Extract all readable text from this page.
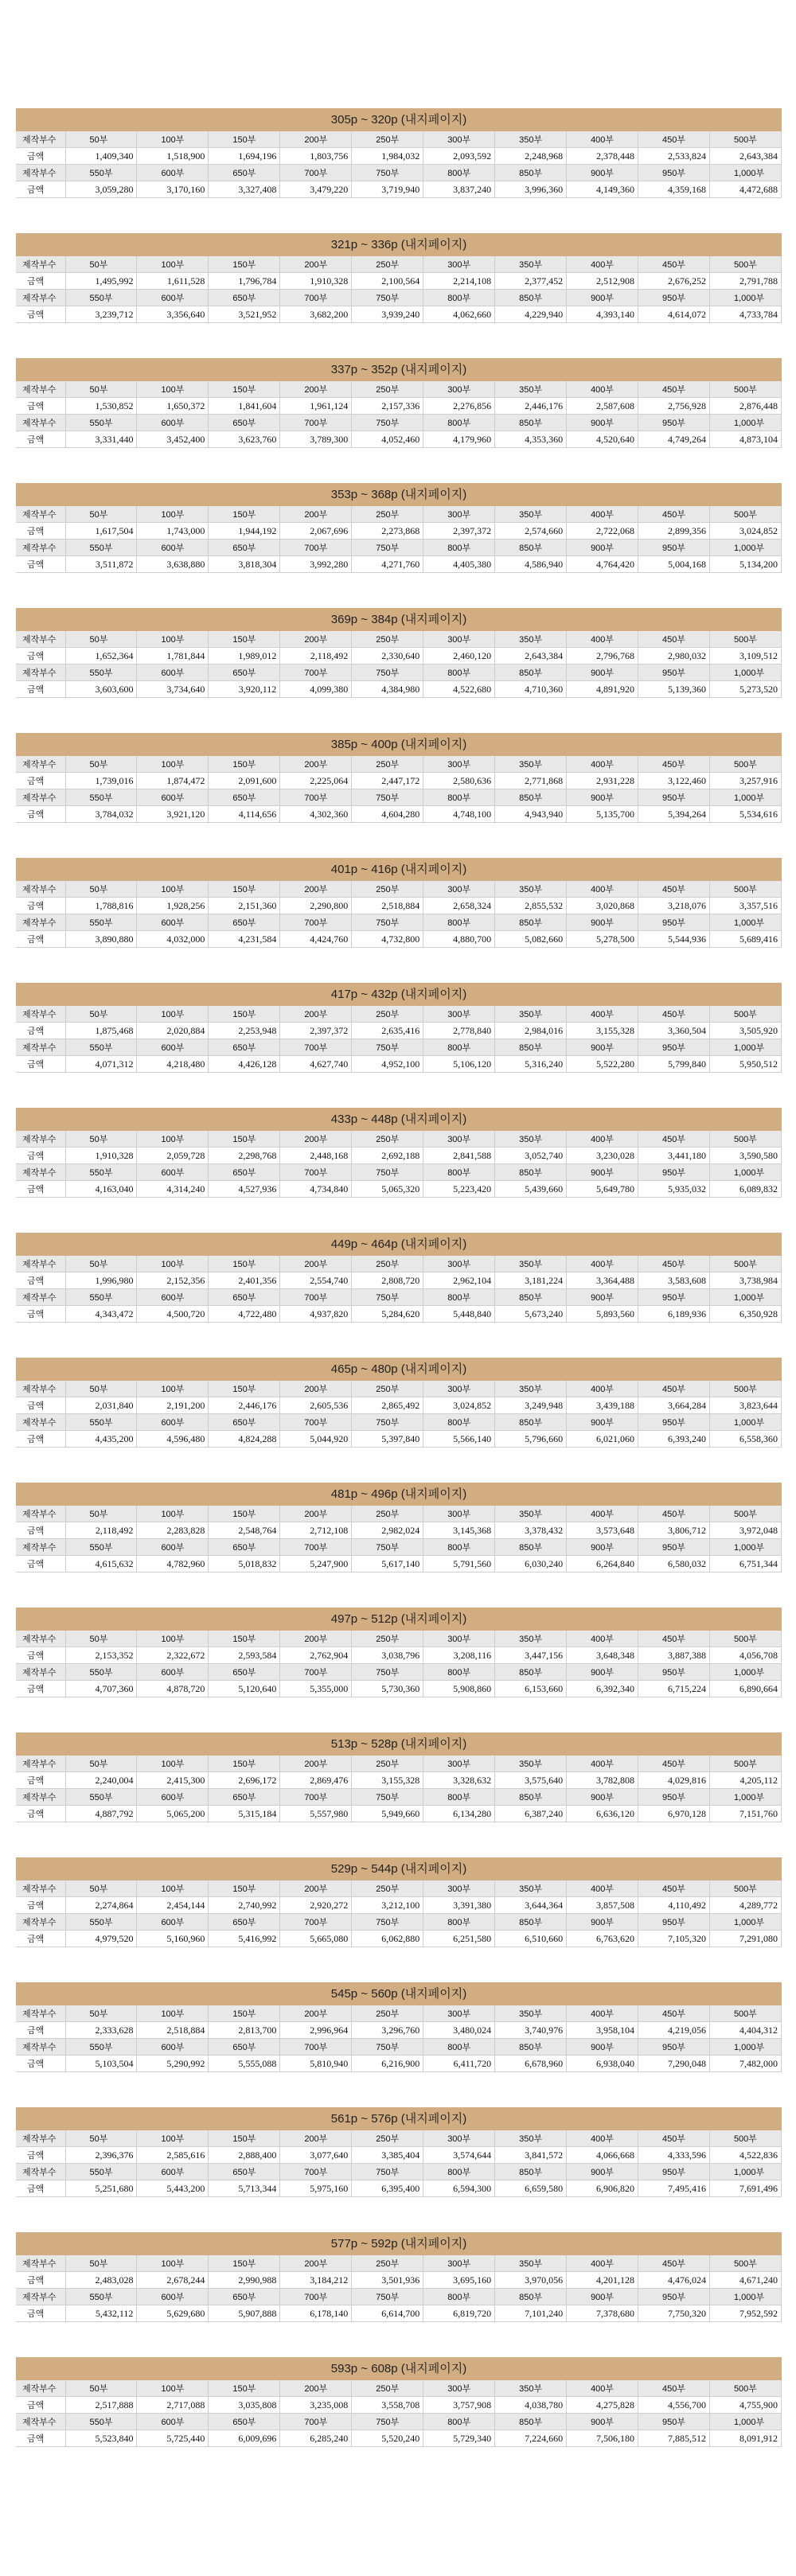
305p ~ 320p (내지페이지)
제작부수	50부	100부	150부	200부	250부	300부	350부	400부	450부	500부
금액	1,409,340	1,518,900	1,694,196	1,803,756	1,984,032	2,093,592	2,248,968	2,378,448	2,533,824	2,643,384
제작부수	550부	600부	650부	700부	750부	800부	850부	900부	950부	1,000부
금액	3,059,280	3,170,160	3,327,408	3,479,220	3,719,940	3,837,240	3,996,360	4,149,360	4,359,168	4,472,688
321p ~ 336p (내지페이지)
제작부수	50부	100부	150부	200부	250부	300부	350부	400부	450부	500부
금액	1,495,992	1,611,528	1,796,784	1,910,328	2,100,564	2,214,108	2,377,452	2,512,908	2,676,252	2,791,788
제작부수	550부	600부	650부	700부	750부	800부	850부	900부	950부	1,000부
금액	3,239,712	3,356,640	3,521,952	3,682,200	3,939,240	4,062,660	4,229,940	4,393,140	4,614,072	4,733,784
337p ~ 352p (내지페이지)
제작부수	50부	100부	150부	200부	250부	300부	350부	400부	450부	500부
금액	1,530,852	1,650,372	1,841,604	1,961,124	2,157,336	2,276,856	2,446,176	2,587,608	2,756,928	2,876,448
제작부수	550부	600부	650부	700부	750부	800부	850부	900부	950부	1,000부
금액	3,331,440	3,452,400	3,623,760	3,789,300	4,052,460	4,179,960	4,353,360	4,520,640	4,749,264	4,873,104
353p ~ 368p (내지페이지)
제작부수	50부	100부	150부	200부	250부	300부	350부	400부	450부	500부
금액	1,617,504	1,743,000	1,944,192	2,067,696	2,273,868	2,397,372	2,574,660	2,722,068	2,899,356	3,024,852
제작부수	550부	600부	650부	700부	750부	800부	850부	900부	950부	1,000부
금액	3,511,872	3,638,880	3,818,304	3,992,280	4,271,760	4,405,380	4,586,940	4,764,420	5,004,168	5,134,200
369p ~ 384p (내지페이지)
제작부수	50부	100부	150부	200부	250부	300부	350부	400부	450부	500부
금액	1,652,364	1,781,844	1,989,012	2,118,492	2,330,640	2,460,120	2,643,384	2,796,768	2,980,032	3,109,512
제작부수	550부	600부	650부	700부	750부	800부	850부	900부	950부	1,000부
금액	3,603,600	3,734,640	3,920,112	4,099,380	4,384,980	4,522,680	4,710,360	4,891,920	5,139,360	5,273,520
385p ~ 400p (내지페이지)
제작부수	50부	100부	150부	200부	250부	300부	350부	400부	450부	500부
금액	1,739,016	1,874,472	2,091,600	2,225,064	2,447,172	2,580,636	2,771,868	2,931,228	3,122,460	3,257,916
제작부수	550부	600부	650부	700부	750부	800부	850부	900부	950부	1,000부
금액	3,784,032	3,921,120	4,114,656	4,302,360	4,604,280	4,748,100	4,943,940	5,135,700	5,394,264	5,534,616
401p ~ 416p (내지페이지)
제작부수	50부	100부	150부	200부	250부	300부	350부	400부	450부	500부
금액	1,788,816	1,928,256	2,151,360	2,290,800	2,518,884	2,658,324	2,855,532	3,020,868	3,218,076	3,357,516
제작부수	550부	600부	650부	700부	750부	800부	850부	900부	950부	1,000부
금액	3,890,880	4,032,000	4,231,584	4,424,760	4,732,800	4,880,700	5,082,660	5,278,500	5,544,936	5,689,416
417p ~ 432p (내지페이지)
제작부수	50부	100부	150부	200부	250부	300부	350부	400부	450부	500부
금액	1,875,468	2,020,884	2,253,948	2,397,372	2,635,416	2,778,840	2,984,016	3,155,328	3,360,504	3,505,920
제작부수	550부	600부	650부	700부	750부	800부	850부	900부	950부	1,000부
금액	4,071,312	4,218,480	4,426,128	4,627,740	4,952,100	5,106,120	5,316,240	5,522,280	5,799,840	5,950,512
433p ~ 448p (내지페이지)
제작부수	50부	100부	150부	200부	250부	300부	350부	400부	450부	500부
금액	1,910,328	2,059,728	2,298,768	2,448,168	2,692,188	2,841,588	3,052,740	3,230,028	3,441,180	3,590,580
제작부수	550부	600부	650부	700부	750부	800부	850부	900부	950부	1,000부
금액	4,163,040	4,314,240	4,527,936	4,734,840	5,065,320	5,223,420	5,439,660	5,649,780	5,935,032	6,089,832
449p ~ 464p (내지페이지)
제작부수	50부	100부	150부	200부	250부	300부	350부	400부	450부	500부
금액	1,996,980	2,152,356	2,401,356	2,554,740	2,808,720	2,962,104	3,181,224	3,364,488	3,583,608	3,738,984
제작부수	550부	600부	650부	700부	750부	800부	850부	900부	950부	1,000부
금액	4,343,472	4,500,720	4,722,480	4,937,820	5,284,620	5,448,840	5,673,240	5,893,560	6,189,936	6,350,928
465p ~ 480p (내지페이지)
제작부수	50부	100부	150부	200부	250부	300부	350부	400부	450부	500부
금액	2,031,840	2,191,200	2,446,176	2,605,536	2,865,492	3,024,852	3,249,948	3,439,188	3,664,284	3,823,644
제작부수	550부	600부	650부	700부	750부	800부	850부	900부	950부	1,000부
금액	4,435,200	4,596,480	4,824,288	5,044,920	5,397,840	5,566,140	5,796,660	6,021,060	6,393,240	6,558,360
481p ~ 496p (내지페이지)
제작부수	50부	100부	150부	200부	250부	300부	350부	400부	450부	500부
금액	2,118,492	2,283,828	2,548,764	2,712,108	2,982,024	3,145,368	3,378,432	3,573,648	3,806,712	3,972,048
제작부수	550부	600부	650부	700부	750부	800부	850부	900부	950부	1,000부
금액	4,615,632	4,782,960	5,018,832	5,247,900	5,617,140	5,791,560	6,030,240	6,264,840	6,580,032	6,751,344
497p ~ 512p (내지페이지)
제작부수	50부	100부	150부	200부	250부	300부	350부	400부	450부	500부
금액	2,153,352	2,322,672	2,593,584	2,762,904	3,038,796	3,208,116	3,447,156	3,648,348	3,887,388	4,056,708
제작부수	550부	600부	650부	700부	750부	800부	850부	900부	950부	1,000부
금액	4,707,360	4,878,720	5,120,640	5,355,000	5,730,360	5,908,860	6,153,660	6,392,340	6,715,224	6,890,664
513p ~ 528p (내지페이지)
제작부수	50부	100부	150부	200부	250부	300부	350부	400부	450부	500부
금액	2,240,004	2,415,300	2,696,172	2,869,476	3,155,328	3,328,632	3,575,640	3,782,808	4,029,816	4,205,112
제작부수	550부	600부	650부	700부	750부	800부	850부	900부	950부	1,000부
금액	4,887,792	5,065,200	5,315,184	5,557,980	5,949,660	6,134,280	6,387,240	6,636,120	6,970,128	7,151,760
529p ~ 544p (내지페이지)
제작부수	50부	100부	150부	200부	250부	300부	350부	400부	450부	500부
금액	2,274,864	2,454,144	2,740,992	2,920,272	3,212,100	3,391,380	3,644,364	3,857,508	4,110,492	4,289,772
제작부수	550부	600부	650부	700부	750부	800부	850부	900부	950부	1,000부
금액	4,979,520	5,160,960	5,416,992	5,665,080	6,062,880	6,251,580	6,510,660	6,763,620	7,105,320	7,291,080
545p ~ 560p (내지페이지)
제작부수	50부	100부	150부	200부	250부	300부	350부	400부	450부	500부
금액	2,333,628	2,518,884	2,813,700	2,996,964	3,296,760	3,480,024	3,740,976	3,958,104	4,219,056	4,404,312
제작부수	550부	600부	650부	700부	750부	800부	850부	900부	950부	1,000부
금액	5,103,504	5,290,992	5,555,088	5,810,940	6,216,900	6,411,720	6,678,960	6,938,040	7,290,048	7,482,000
561p ~ 576p (내지페이지)
제작부수	50부	100부	150부	200부	250부	300부	350부	400부	450부	500부
금액	2,396,376	2,585,616	2,888,400	3,077,640	3,385,404	3,574,644	3,841,572	4,066,668	4,333,596	4,522,836
제작부수	550부	600부	650부	700부	750부	800부	850부	900부	950부	1,000부
금액	5,251,680	5,443,200	5,713,344	5,975,160	6,395,400	6,594,300	6,659,580	6,906,820	7,495,416	7,691,496
577p ~ 592p (내지페이지)
제작부수	50부	100부	150부	200부	250부	300부	350부	400부	450부	500부
금액	2,483,028	2,678,244	2,990,988	3,184,212	3,501,936	3,695,160	3,970,056	4,201,128	4,476,024	4,671,240
제작부수	550부	600부	650부	700부	750부	800부	850부	900부	950부	1,000부
금액	5,432,112	5,629,680	5,907,888	6,178,140	6,614,700	6,819,720	7,101,240	7,378,680	7,750,320	7,952,592
593p ~ 608p (내지페이지)
제작부수	50부	100부	150부	200부	250부	300부	350부	400부	450부	500부
금액	2,517,888	2,717,088	3,035,808	3,235,008	3,558,708	3,757,908	4,038,780	4,275,828	4,556,700	4,755,900
제작부수	550부	600부	650부	700부	750부	800부	850부	900부	950부	1,000부
금액	5,523,840	5,725,440	6,009,696	6,285,240	5,520,240	5,729,340	7,224,660	7,506,180	7,885,512	8,091,912
